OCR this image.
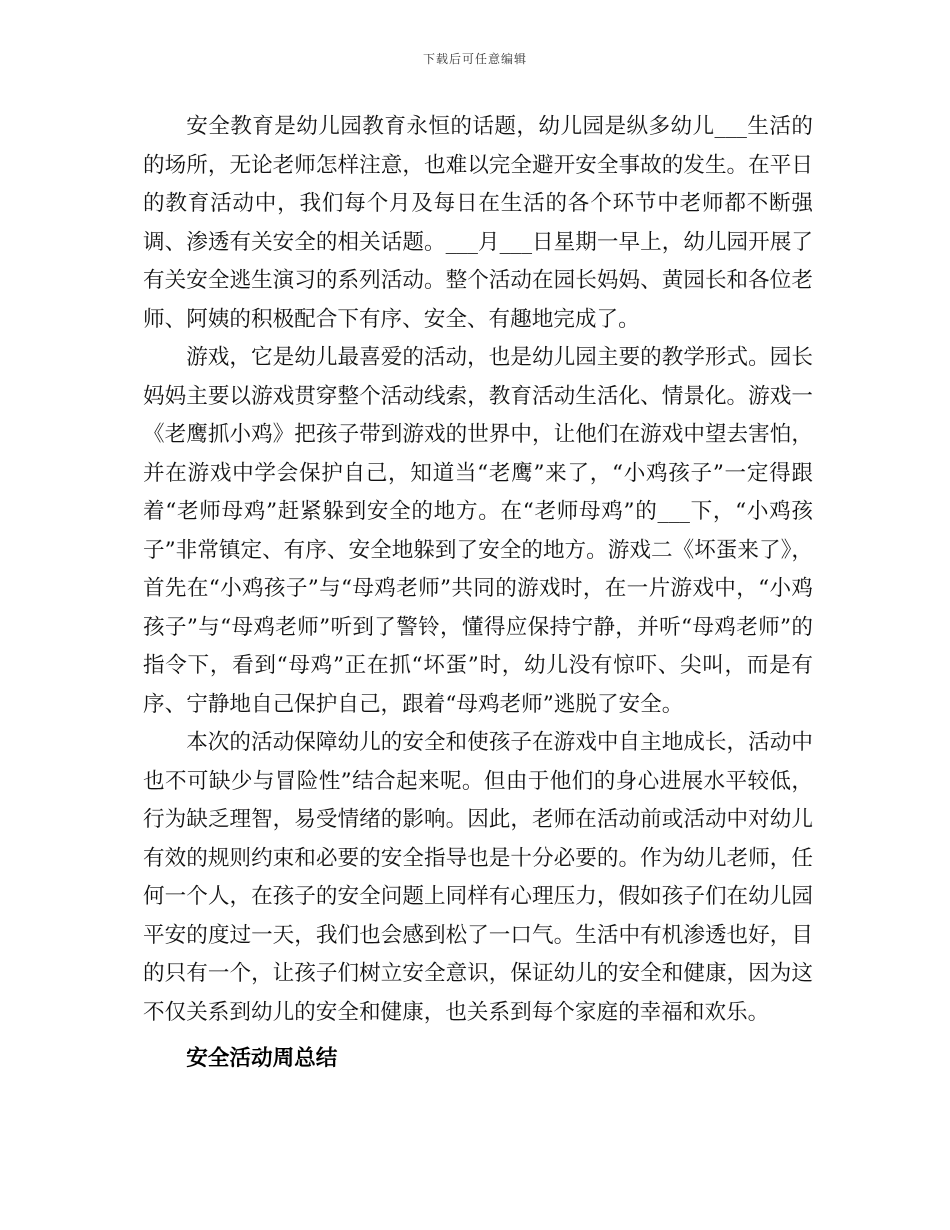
下载后可任意编辑

安全教育是幼儿园教育永恒的话题，幼儿园是纵多幼儿___生活的的场所，无论老师怎样注意，也难以完全避开安全事故的发生。在平日的教育活动中，我们每个月及每日在生活的各个环节中老师都不断强调、渗透有关安全的相关话题。___月___日星期一早上，幼儿园开展了有关安全逃生演习的系列活动。整个活动在园长妈妈、黄园长和各位老师、阿姨的积极配合下有序、安全、有趣地完成了。

游戏，它是幼儿最喜爱的活动，也是幼儿园主要的教学形式。园长妈妈主要以游戏贯穿整个活动线索，教育活动生活化、情景化。游戏一《老鹰抓小鸡》把孩子带到游戏的世界中，让他们在游戏中望去害怕，并在游戏中学会保护自己，知道当“老鹰”来了，“小鸡孩子”一定得跟着“老师母鸡”赶紧躲到安全的地方。在“老师母鸡”的___下，“小鸡孩子”非常镇定、有序、安全地躲到了安全的地方。游戏二《坏蛋来了》，首先在“小鸡孩子”与“母鸡老师”共同的游戏时，在一片游戏中，“小鸡孩子”与“母鸡老师”听到了警铃，懂得应保持宁静，并听“母鸡老师”的指令下，看到“母鸡”正在抓“坏蛋”时，幼儿没有惊吓、尖叫，而是有序、宁静地自己保护自己，跟着“母鸡老师”逃脱了安全。

本次的活动保障幼儿的安全和使孩子在游戏中自主地成长，活动中也不可缺少与冒险性”结合起来呢。但由于他们的身心进展水平较低，行为缺乏理智，易受情绪的影响。因此，老师在活动前或活动中对幼儿有效的规则约束和必要的安全指导也是十分必要的。作为幼儿老师，任何一个人，在孩子的安全问题上同样有心理压力，假如孩子们在幼儿园平安的度过一天，我们也会感到松了一口气。生活中有机渗透也好，目的只有一个，让孩子们树立安全意识，保证幼儿的安全和健康，因为这不仅关系到幼儿的安全和健康，也关系到每个家庭的幸福和欢乐。

安全活动周总结
